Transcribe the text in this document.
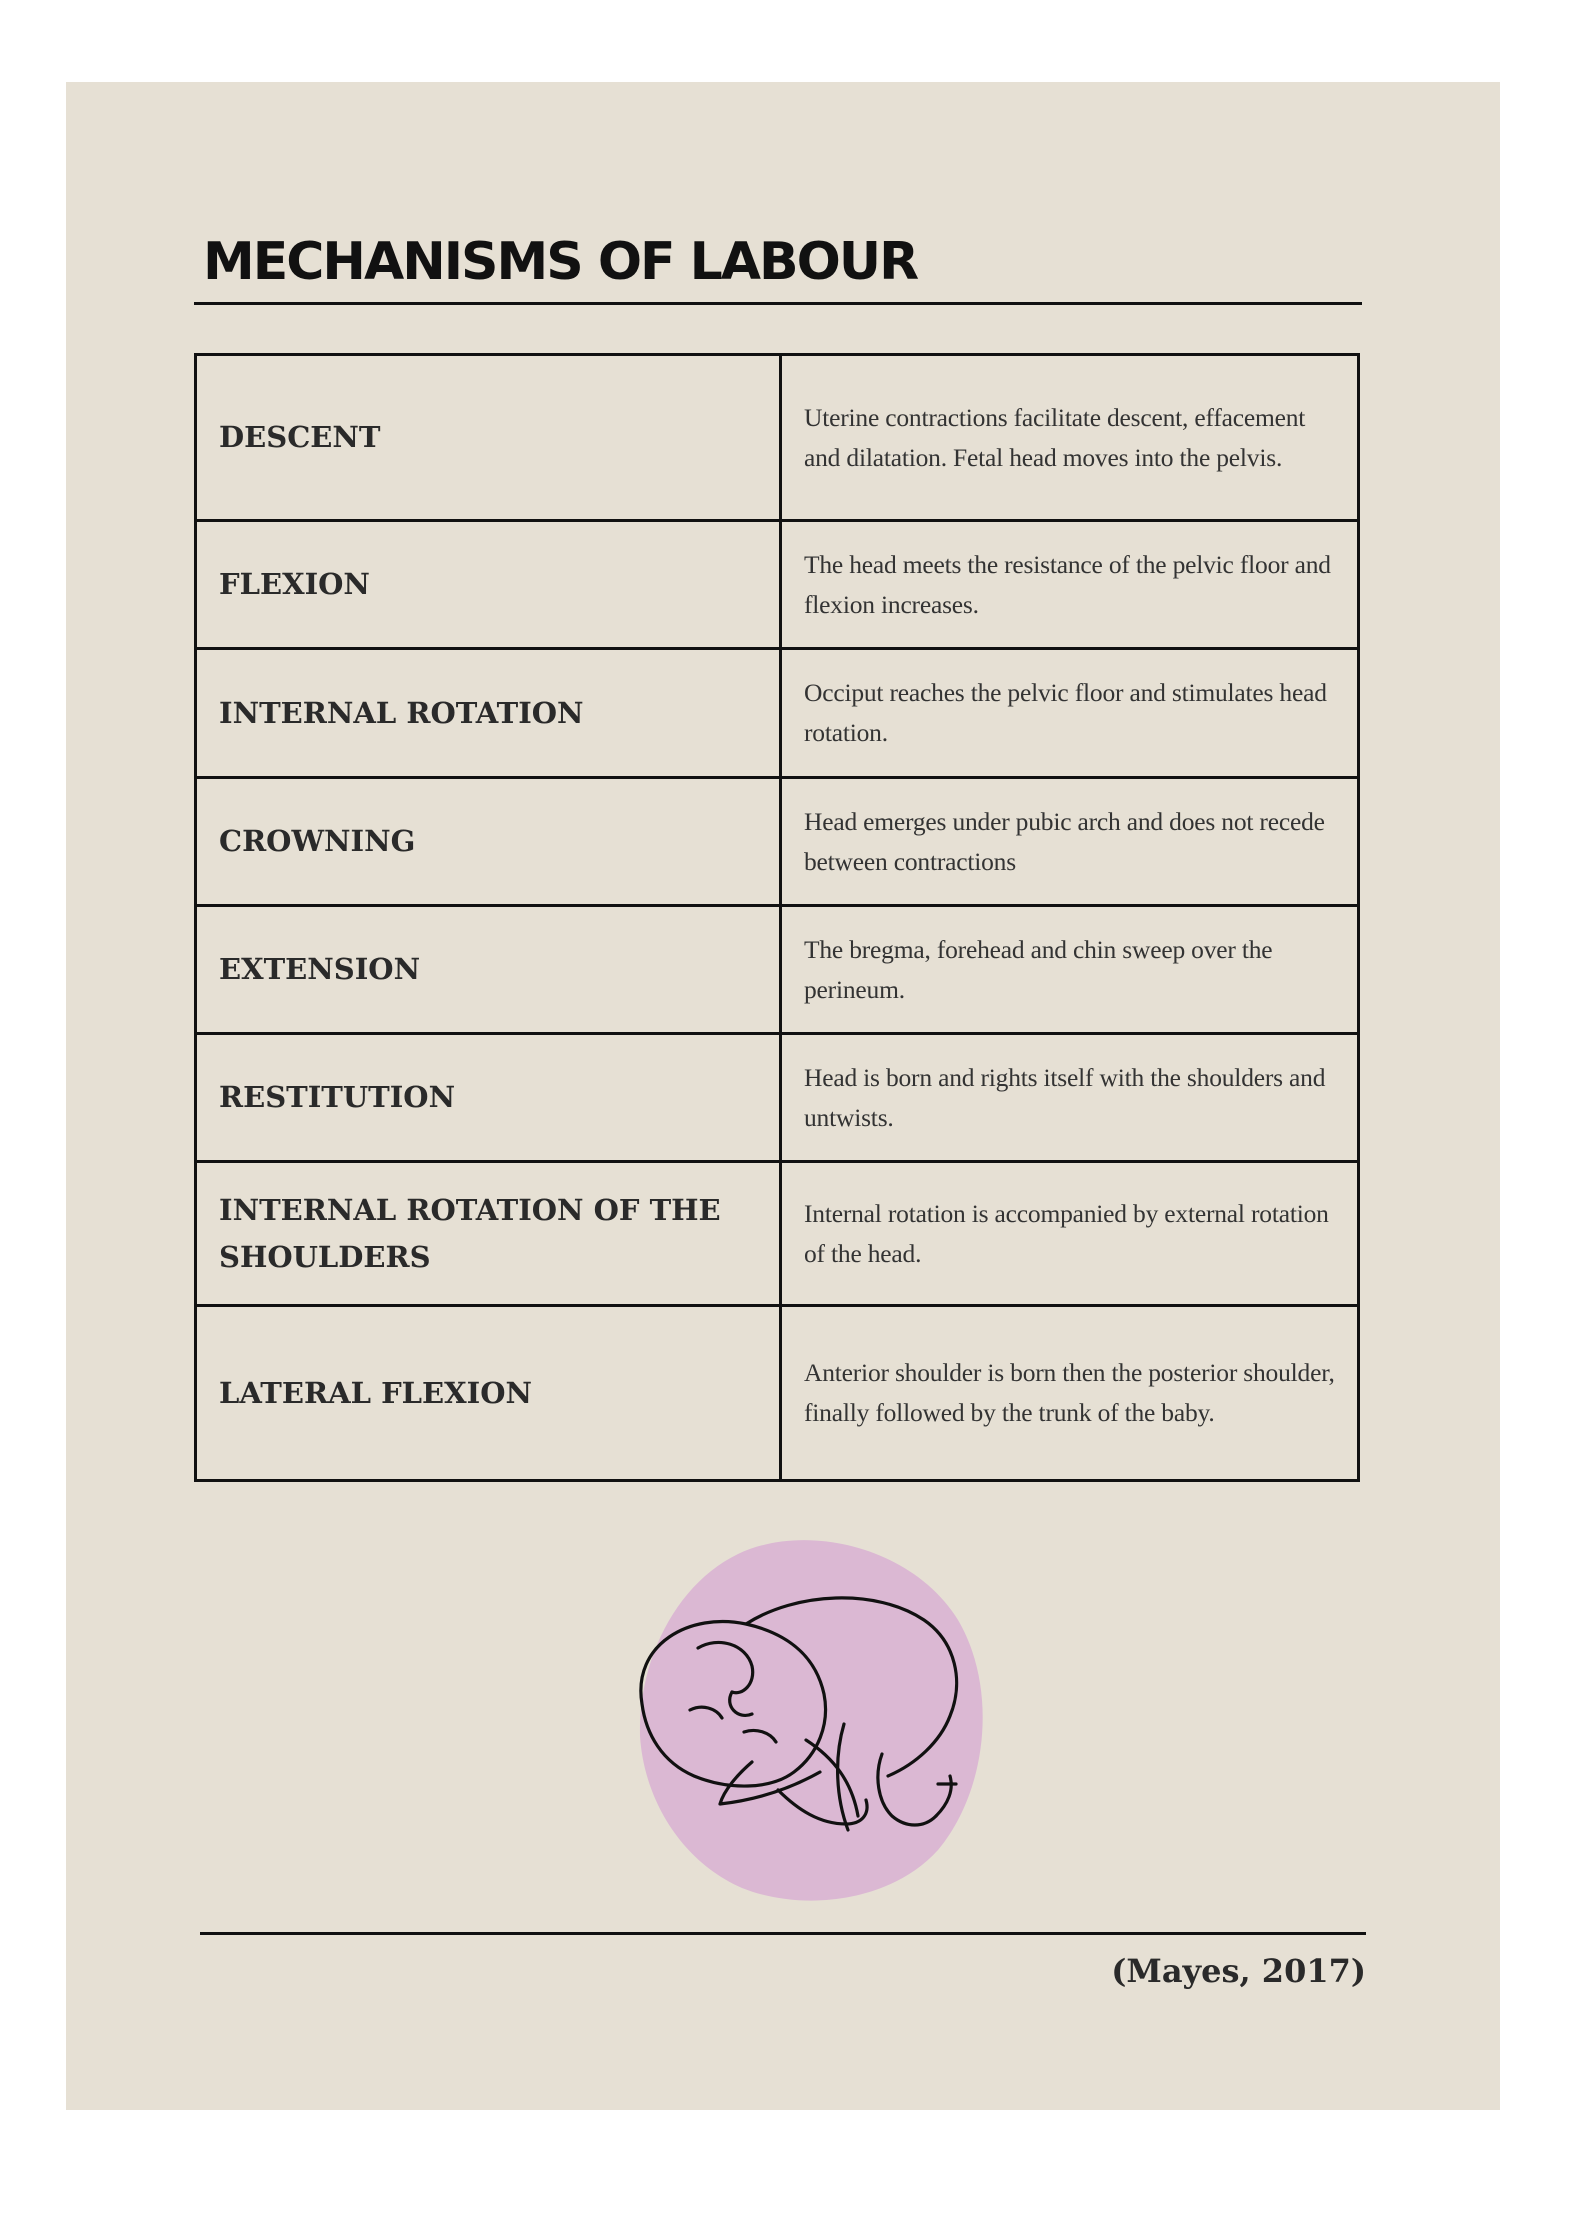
MECHANISMS OF LABOUR
DESCENT	Uterine contractions facilitate descent, effacement and dilatation. Fetal head moves into the pelvis.
FLEXION	The head meets the resistance of the pelvic floor and flexion increases.
INTERNAL ROTATION	Occiput reaches the pelvic floor and stimulates head rotation.
CROWNING	Head emerges under pubic arch and does not recede between contractions
EXTENSION	The bregma, forehead and chin sweep over the perineum.
RESTITUTION	Head is born and rights itself with the shoulders and untwists.
INTERNAL ROTATION OF THE SHOULDERS	Internal rotation is accompanied by external rotation of the head.
LATERAL FLEXION	Anterior shoulder is born then the posterior shoulder, finally followed by the trunk of the baby.
(Mayes, 2017)
